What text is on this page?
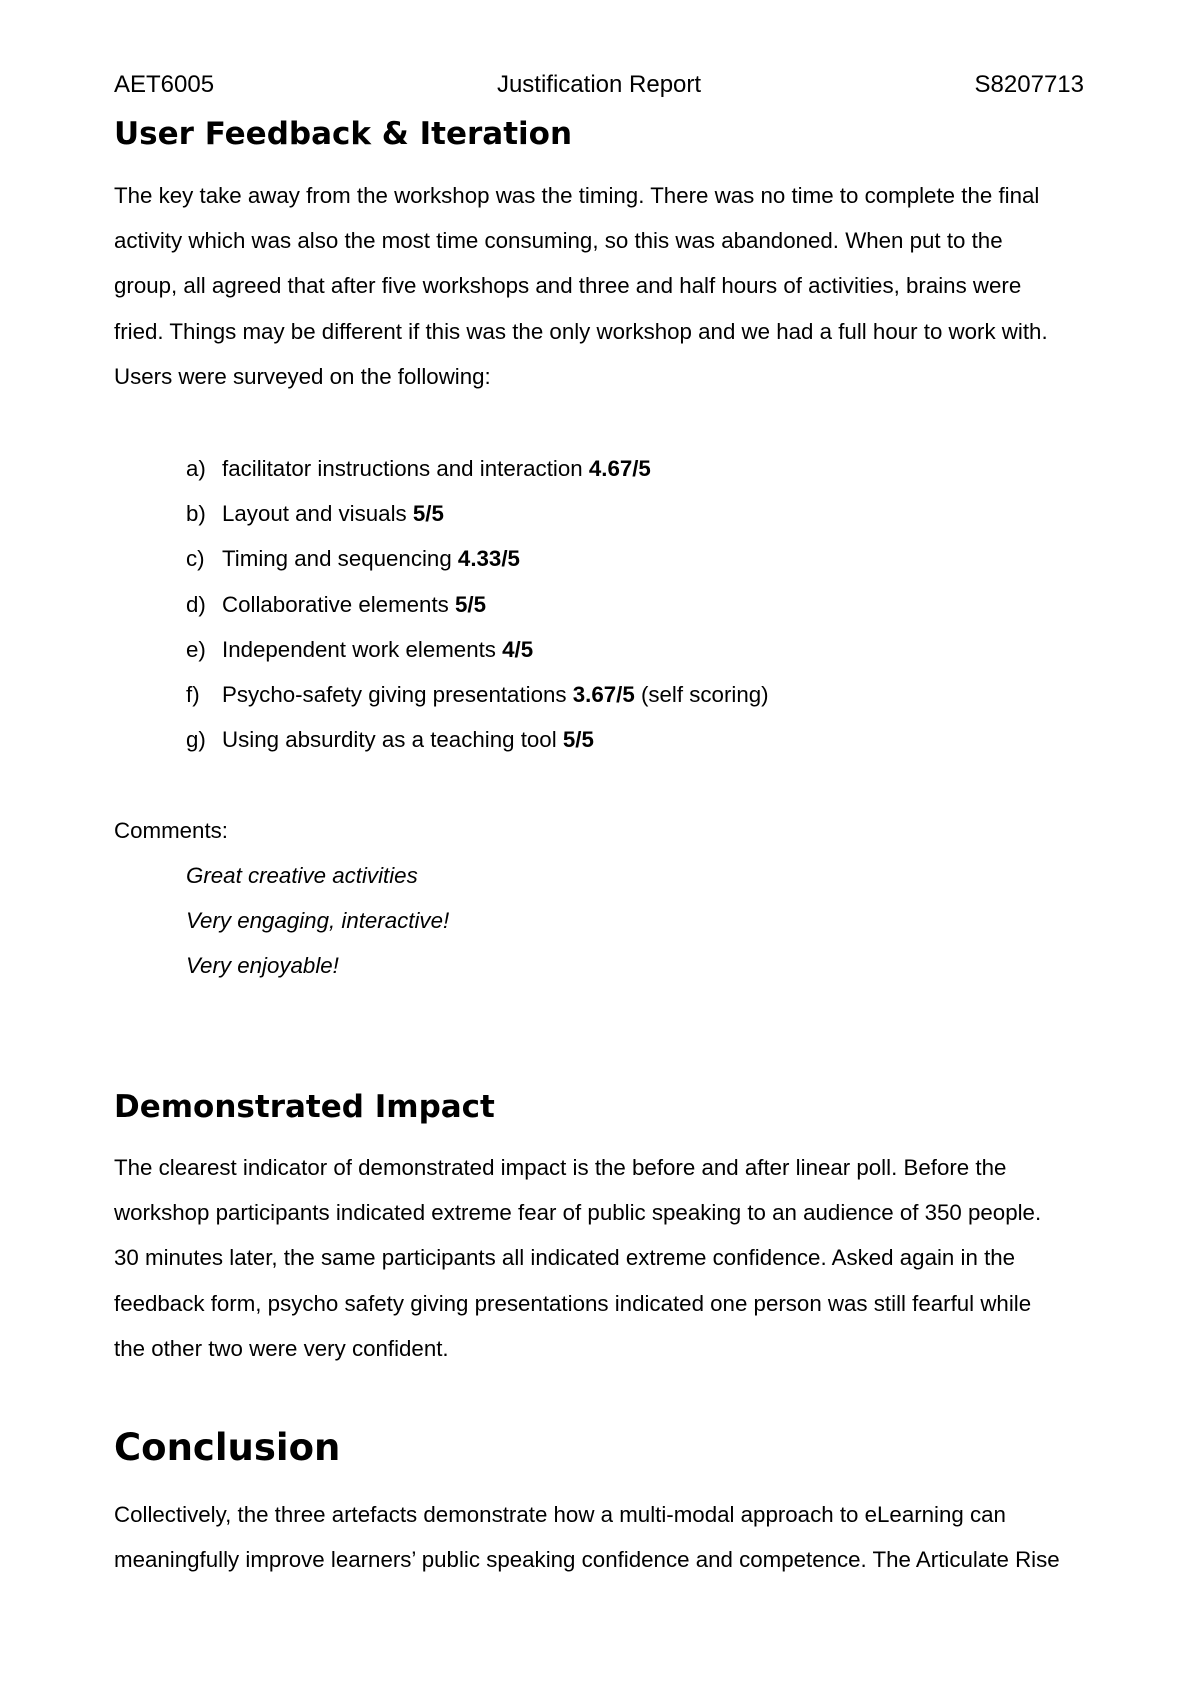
AET6005	Justification Report	S8207713
User Feedback & Iteration
The key take away from the workshop was the timing. There was no time to complete the final
activity which was also the most time consuming, so this was abandoned. When put to the
group, all agreed that after five workshops and three and half hours of activities, brains were
fried. Things may be different if this was the only workshop and we had a full hour to work with.
Users were surveyed on the following:
a) facilitator instructions and interaction 4.67/5
b) Layout and visuals 5/5
c) Timing and sequencing 4.33/5
d) Collaborative elements 5/5
e) Independent work elements 4/5
f) Psycho-safety giving presentations 3.67/5 (self scoring)
g) Using absurdity as a teaching tool 5/5
Comments:
Great creative activities
Very engaging, interactive!
Very enjoyable!
Demonstrated Impact
The clearest indicator of demonstrated impact is the before and after linear poll. Before the
workshop participants indicated extreme fear of public speaking to an audience of 350 people.
30 minutes later, the same participants all indicated extreme confidence. Asked again in the
feedback form, psycho safety giving presentations indicated one person was still fearful while
the other two were very confident.
Conclusion
Collectively, the three artefacts demonstrate how a multi-modal approach to eLearning can
meaningfully improve learners’ public speaking confidence and competence. The Articulate Rise
